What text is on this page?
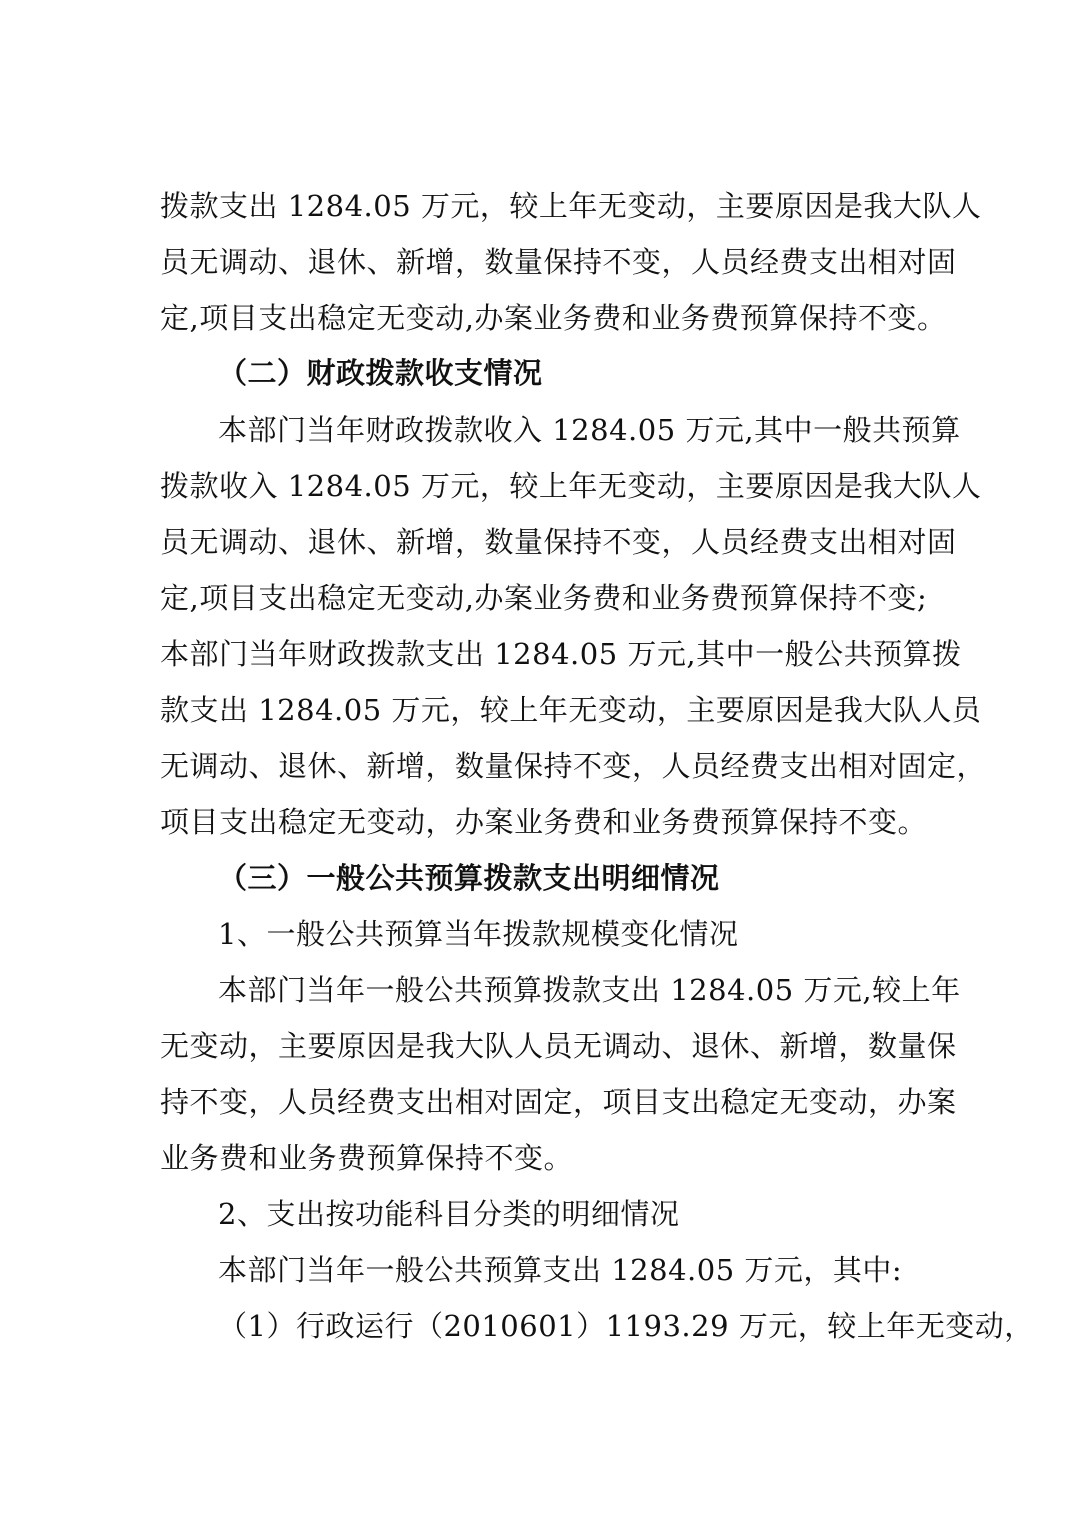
拨款支出 1284.05 万元，较上年无变动，主要原因是我大队人
员无调动、退休、新增，数量保持不变，人员经费支出相对固
定,项目支出稳定无变动,办案业务费和业务费预算保持不变。
（二）财政拨款收支情况
本部门当年财政拨款收入 1284.05 万元,其中一般共预算
拨款收入 1284.05 万元，较上年无变动，主要原因是我大队人
员无调动、退休、新增，数量保持不变，人员经费支出相对固
定,项目支出稳定无变动,办案业务费和业务费预算保持不变;
本部门当年财政拨款支出 1284.05 万元,其中一般公共预算拨
款支出 1284.05 万元，较上年无变动，主要原因是我大队人员
无调动、退休、新增，数量保持不变，人员经费支出相对固定，
项目支出稳定无变动，办案业务费和业务费预算保持不变。
（三）一般公共预算拨款支出明细情况
1、一般公共预算当年拨款规模变化情况
本部门当年一般公共预算拨款支出 1284.05 万元,较上年
无变动，主要原因是我大队人员无调动、退休、新增，数量保
持不变，人员经费支出相对固定，项目支出稳定无变动，办案
业务费和业务费预算保持不变。
2、支出按功能科目分类的明细情况
本部门当年一般公共预算支出 1284.05 万元，其中:
（1）行政运行（2010601）1193.29 万元，较上年无变动，
